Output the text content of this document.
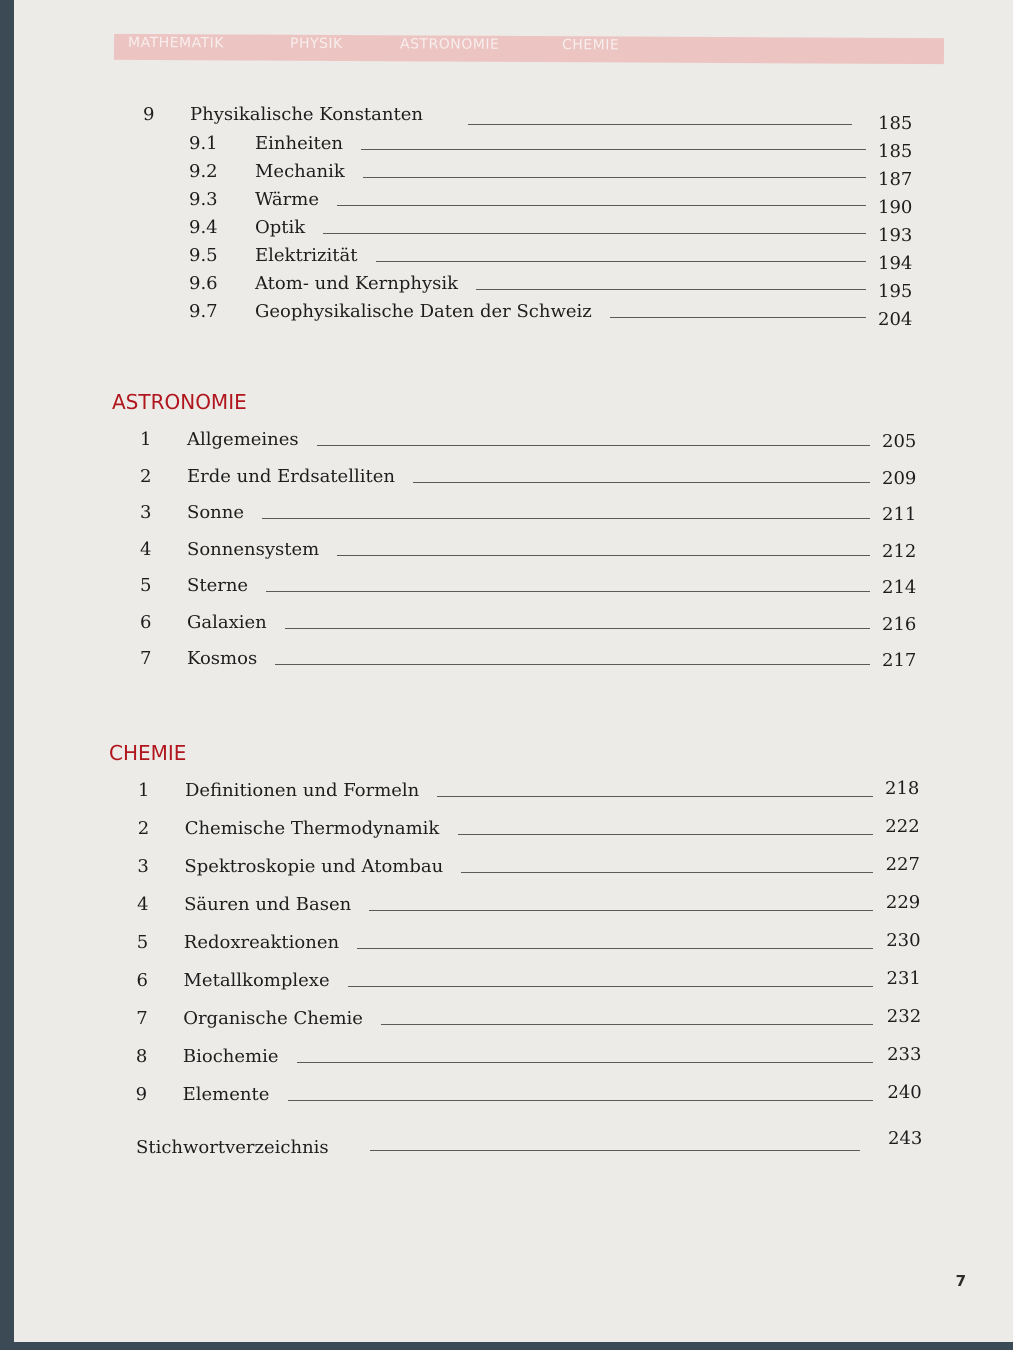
MATHEMATIK	PHYSIK	ASTRONOMIE	CHEMIE
9 Physikalische Konstanten	185
9.1 Einheiten	185
9.2 Mechanik	187
9.3 Wärme	190
9.4 Optik	193
9.5 Elektrizität	194
9.6 Atom- und Kernphysik	195
9.7 Geophysikalische Daten der Schweiz	204
ASTRONOMIE
1 Allgemeines	205
2 Erde und Erdsatelliten	209
3 Sonne	211
4 Sonnensystem	212
5 Sterne	214
6 Galaxien	216
7 Kosmos	217
CHEMIE
1 Definitionen und Formeln	218
2 Chemische Thermodynamik	222
3 Spektroskopie und Atombau	227
4 Säuren und Basen	229
5 Redoxreaktionen	230
6 Metallkomplexe	231
7 Organische Chemie	232
8 Biochemie	233
9 Elemente	240
Stichwortverzeichnis	243
7
